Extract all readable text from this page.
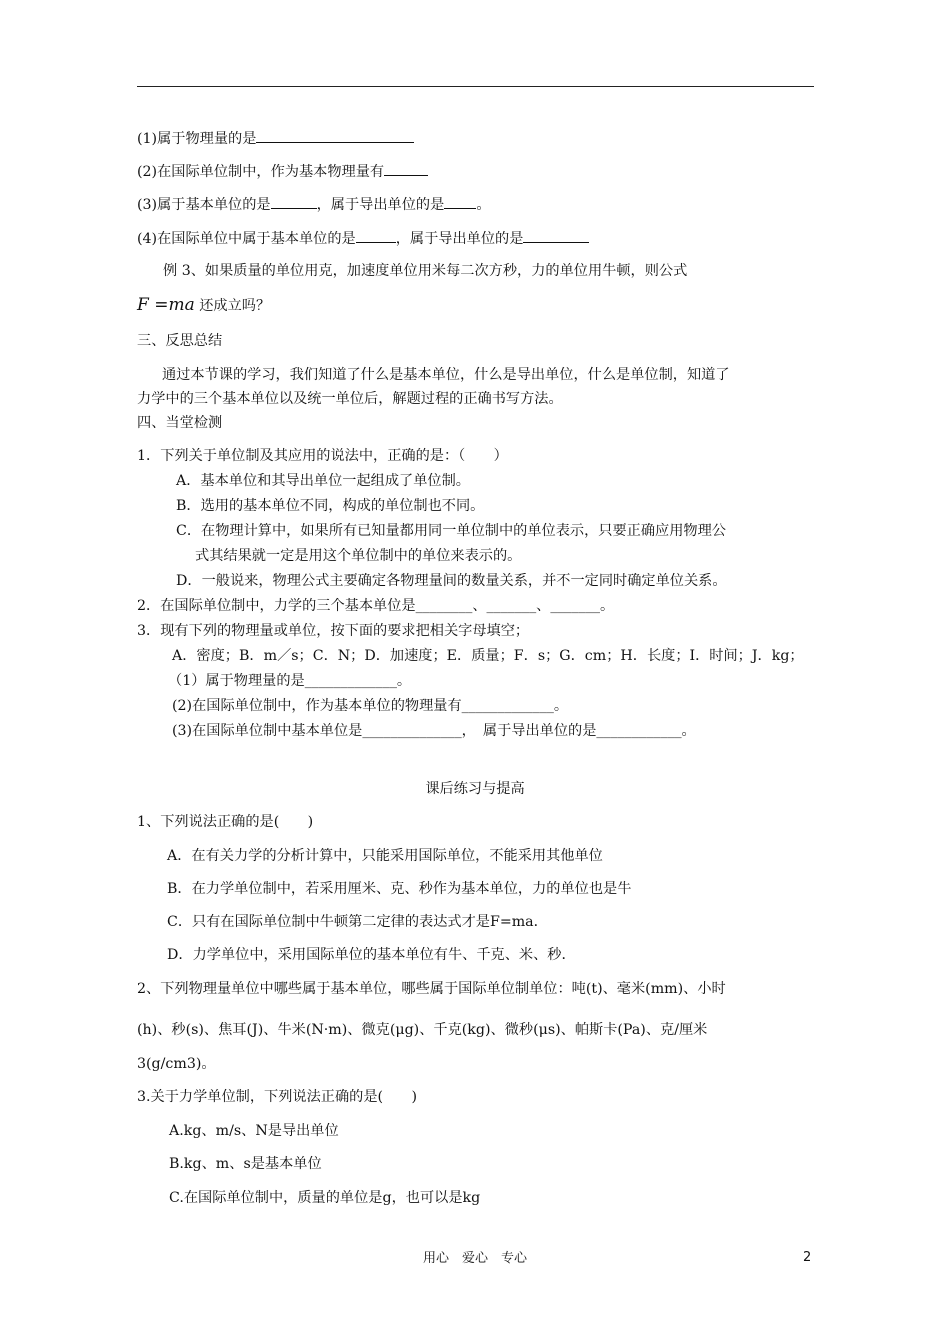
(1)属于物理量的是
(2)在国际单位制中，作为基本物理量有
(3)属于基本单位的是	，属于导出单位的是 。
(4)在国际单位中属于基本单位的是	，属于导出单位的是
例 3、如果质量的单位用克，加速度单位用米每二次方秒，力的单位用牛顿，则公式
F =ma 还成立吗？
三、反思总结
通过本节课的学习，我们知道了什么是基本单位，什么是导出单位，什么是单位制，知道了
力学中的三个基本单位以及统一单位后，解题过程的正确书写方法。
四、当堂检测
1．下列关于单位制及其应用的说法中，正确的是：（　　）
A．基本单位和其导出单位一起组成了单位制。
B．选用的基本单位不同，构成的单位制也不同。
C．在物理计算中，如果所有已知量都用同一单位制中的单位表示，只要正确应用物理公
式其结果就一定是用这个单位制中的单位来表示的。
D．一般说来，物理公式主要确定各物理量间的数量关系，并不一定同时确定单位关系。
2．在国际单位制中，力学的三个基本单位是________、_______、_______。
3．现有下列的物理量或单位，按下面的要求把相关字母填空；
A．密度；B．m／s；C．N；D．加速度；E．质量；F．s；G．cm；H．长度；I．时间；J．kg；
（1）属于物理量的是_____________。
(2)在国际单位制中，作为基本单位的物理量有_____________。
(3)在国际单位制中基本单位是______________，　属于导出单位的是____________。
课后练习与提高
1、下列说法正确的是(　　)
A．在有关力学的分析计算中，只能采用国际单位，不能采用其他单位
B．在力学单位制中，若采用厘米、克、秒作为基本单位，力的单位也是牛
C．只有在国际单位制中牛顿第二定律的表达式才是F=ma．
D．力学单位中，采用国际单位的基本单位有牛、千克、米、秒．
2、下列物理量单位中哪些属于基本单位，哪些属于国际单位制单位：吨(t)、毫米(mm)、小时
(h)、秒(s)、焦耳(J)、牛米(N·m)、微克(μg)、千克(kg)、微秒(μs)、帕斯卡(Pa)、克/厘米
3(g/cm3)。
3.关于力学单位制，下列说法正确的是(　　)
A.kg、m/s、N是导出单位
B.kg、m、s是基本单位
C.在国际单位制中，质量的单位是g，也可以是kg
用心　爱心　专心	2
